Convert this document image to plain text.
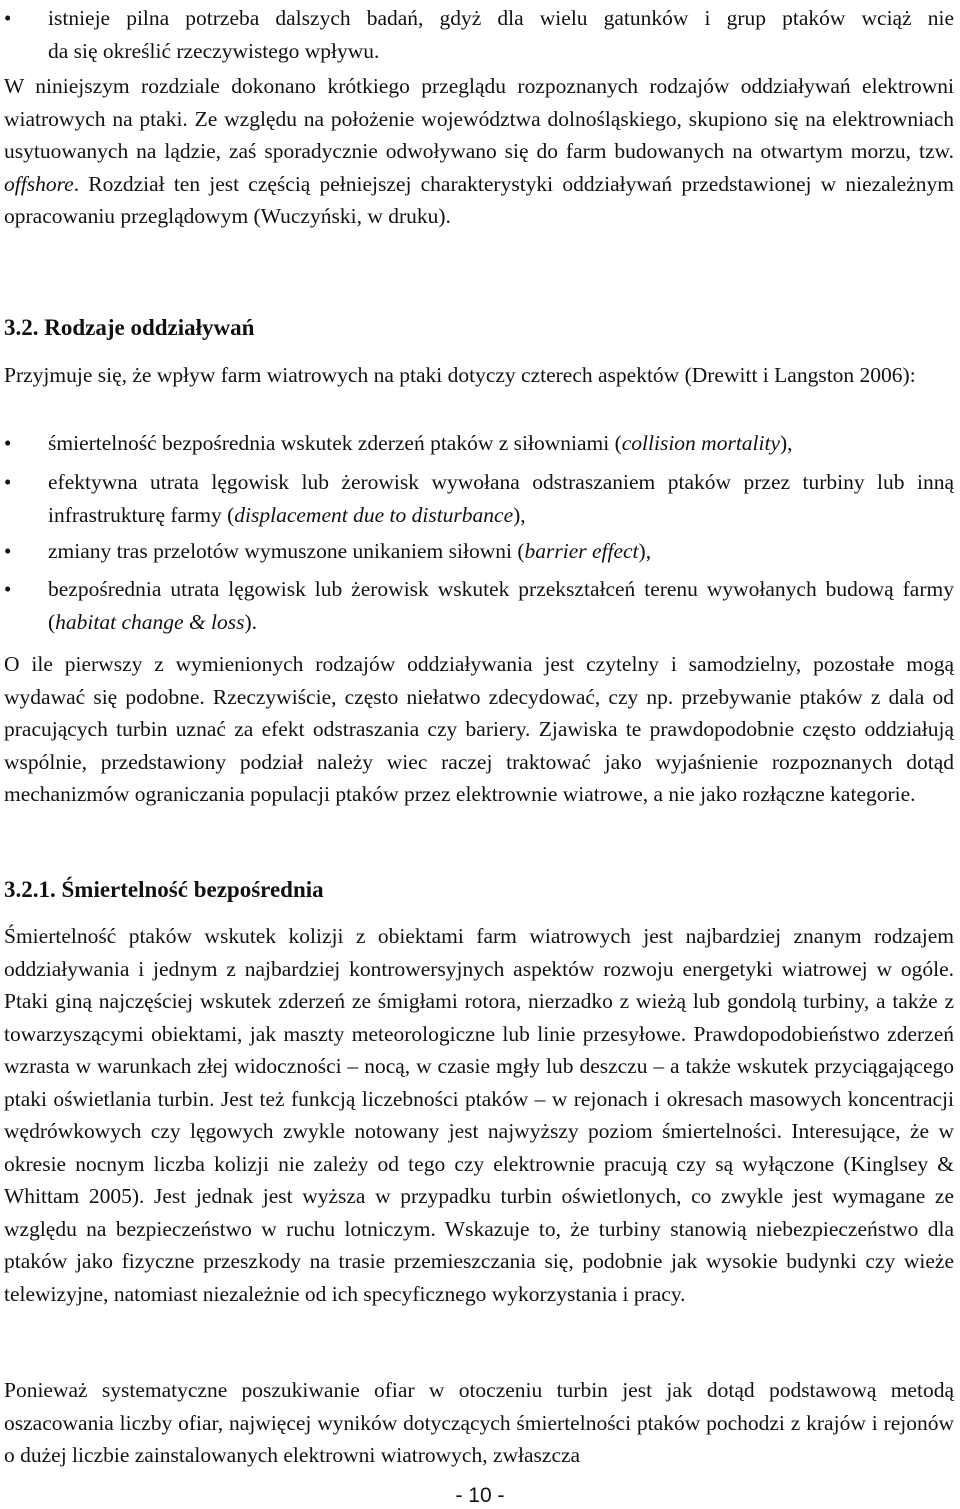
• istnieje pilna potrzeba dalszych badań, gdyż dla wielu gatunków i grup ptaków wciąż nie
da się określić rzeczywistego wpływu.

W niniejszym rozdziale dokonano krótkiego przeglądu rozpoznanych rodzajów oddziaływań elektrowni wiatrowych na ptaki. Ze względu na położenie województwa dolnośląskiego, skupiono się na elektrowniach usytuowanych na lądzie, zaś sporadycznie odwoływano się do farm budowanych na otwartym morzu, tzw. offshore. Rozdział ten jest częścią pełniejszej charakterystyki oddziaływań przedstawionej w niezależnym opracowaniu przeglądowym (Wuczyński, w druku).

3.2. Rodzaje oddziaływań

Przyjmuje się, że wpływ farm wiatrowych na ptaki dotyczy czterech aspektów (Drewitt i Langston 2006):

• śmiertelność bezpośrednia wskutek zderzeń ptaków z siłowniami (collision mortality),
• efektywna utrata lęgowisk lub żerowisk wywołana odstraszaniem ptaków przez turbiny lub inną infrastrukturę farmy (displacement due to disturbance),
• zmiany tras przelotów wymuszone unikaniem siłowni (barrier effect),
• bezpośrednia utrata lęgowisk lub żerowisk wskutek przekształceń terenu wywołanych budową farmy (habitat change & loss).

O ile pierwszy z wymienionych rodzajów oddziaływania jest czytelny i samodzielny, pozostałe mogą wydawać się podobne. Rzeczywiście, często niełatwo zdecydować, czy np. przebywanie ptaków z dala od pracujących turbin uznać za efekt odstraszania czy bariery. Zjawiska te prawdopodobnie często oddziałują wspólnie, przedstawiony podział należy wiec raczej traktować jako wyjaśnienie rozpoznanych dotąd mechanizmów ograniczania populacji ptaków przez elektrownie wiatrowe, a nie jako rozłączne kategorie.

3.2.1. Śmiertelność bezpośrednia

Śmiertelność ptaków wskutek kolizji z obiektami farm wiatrowych jest najbardziej znanym rodzajem oddziaływania i jednym z najbardziej kontrowersyjnych aspektów rozwoju energetyki wiatrowej w ogóle. Ptaki giną najczęściej wskutek zderzeń ze śmigłami rotora, nierzadko z wieżą lub gondolą turbiny, a także z towarzyszącymi obiektami, jak maszty meteorologiczne lub linie przesyłowe. Prawdopodobieństwo zderzeń wzrasta w warunkach złej widoczności – nocą, w czasie mgły lub deszczu – a także wskutek przyciągającego ptaki oświetlania turbin. Jest też funkcją liczebności ptaków – w rejonach i okresach masowych koncentracji wędrówkowych czy lęgowych zwykle notowany jest najwyższy poziom śmiertelności. Interesujące, że w okresie nocnym liczba kolizji nie zależy od tego czy elektrownie pracują czy są wyłączone (Kinglsey & Whittam 2005). Jest jednak jest wyższa w przypadku turbin oświetlonych, co zwykle jest wymagane ze względu na bezpieczeństwo w ruchu lotniczym. Wskazuje to, że turbiny stanowią niebezpieczeństwo dla ptaków jako fizyczne przeszkody na trasie przemieszczania się, podobnie jak wysokie budynki czy wieże telewizyjne, natomiast niezależnie od ich specyficznego wykorzystania i pracy.

Ponieważ systematyczne poszukiwanie ofiar w otoczeniu turbin jest jak dotąd podstawową metodą oszacowania liczby ofiar, najwięcej wyników dotyczących śmiertelności ptaków pochodzi z krajów i rejonów o dużej liczbie zainstalowanych elektrowni wiatrowych, zwłaszcza

- 10 -
